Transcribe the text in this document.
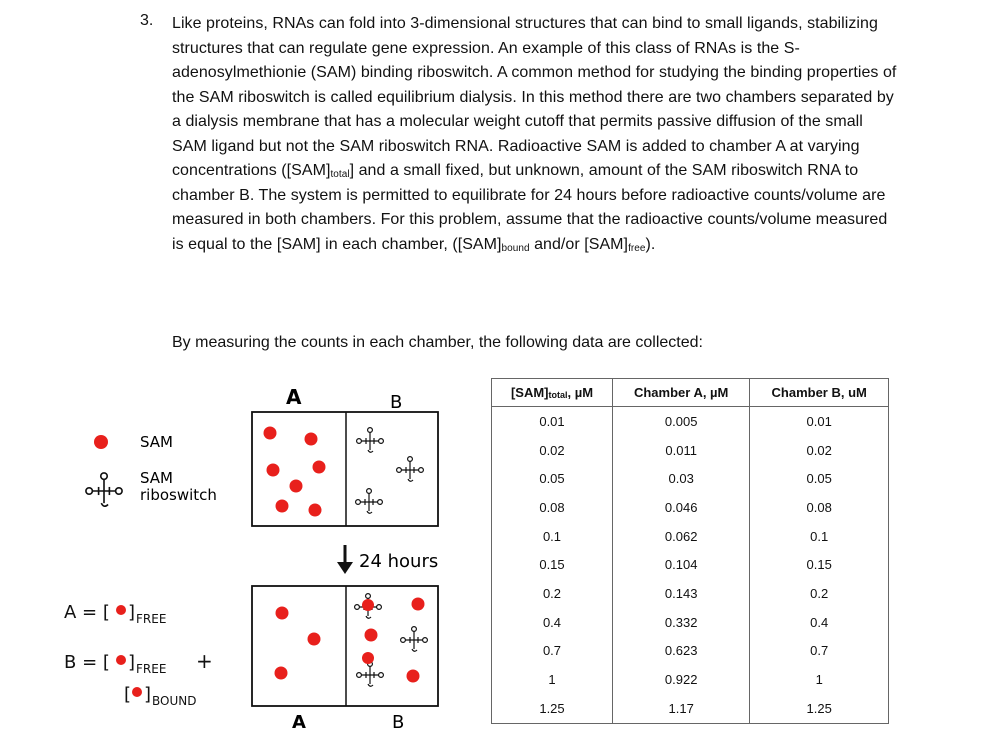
3. Like proteins, RNAs can fold into 3-dimensional structures that can bind to small ligands, stabilizing structures that can regulate gene expression. An example of this class of RNAs is the S-adenosylmethionie (SAM) binding riboswitch. A common method for studying the binding properties of the SAM riboswitch is called equilibrium dialysis. In this method there are two chambers separated by a dialysis membrane that has a molecular weight cutoff that permits passive diffusion of the small SAM ligand but not the SAM riboswitch RNA. Radioactive SAM is added to chamber A at varying concentrations $([SAM]_{total}]$ and a small fixed, but unknown, amount of the SAM riboswitch RNA to chamber B. The system is permitted to equilibrate for 24 hours before radioactive counts/volume are measured in both chambers. For this problem, assume that the radioactive counts/volume measured is equal to the [SAM] in each chamber, ($[SAM]_{bound}$ and/or $[SAM]_{free}$).
By measuring the counts in each chamber, the following data are collected:
SAM
SAM
riboswitch
A	B
24 hours
A	B
A = [ ] FREE
B = [ ] FREE +
[ ] BOUND
$[SAM]_{total}$, µM	Chamber A, µM	Chamber B, uM
0.01	0.005	0.01
0.02	0.011	0.02
0.05	0.03	0.05
0.08	0.046	0.08
0.1	0.062	0.1
0.15	0.104	0.15
0.2	0.143	0.2
0.4	0.332	0.4
0.7	0.623	0.7
1	0.922	1
1.25	1.17	1.25
